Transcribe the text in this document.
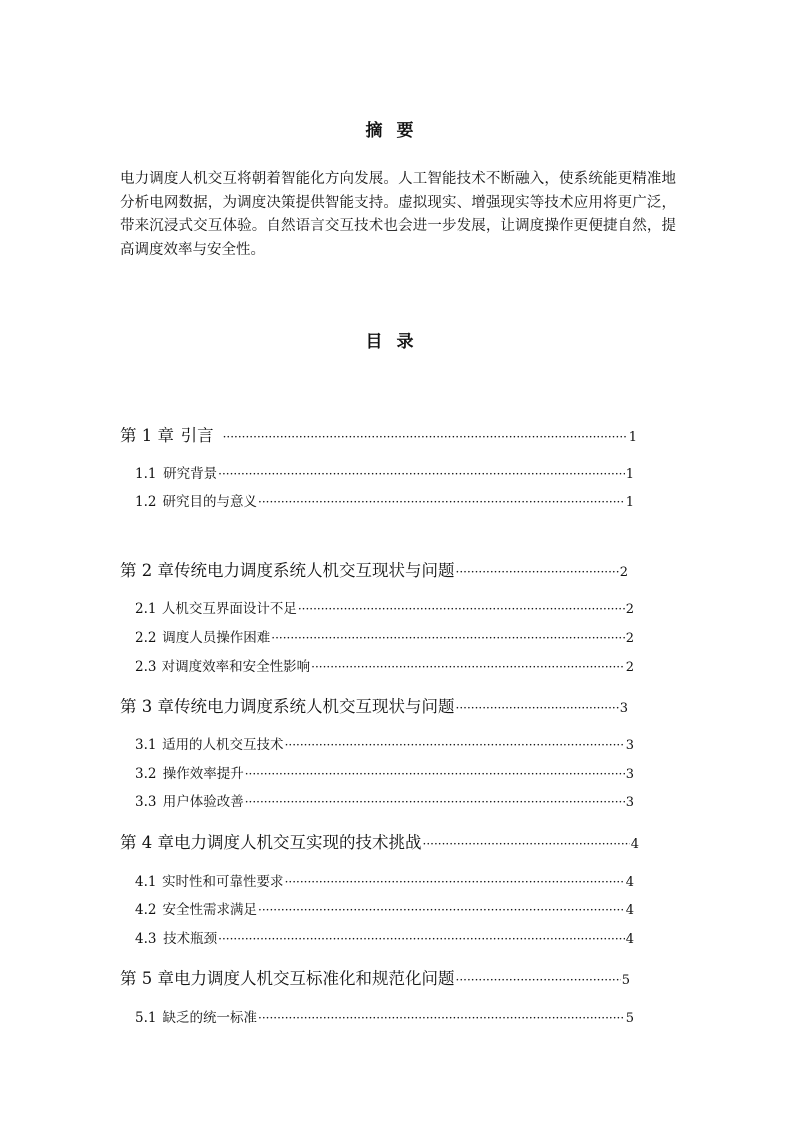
摘要

电力调度人机交互将朝着智能化方向发展。人工智能技术不断融入，使系统能更精准地分析电网数据，为调度决策提供智能支持。虚拟现实、增强现实等技术应用将更广泛，带来沉浸式交互体验。自然语言交互技术也会进一步发展，让调度操作更便捷自然，提高调度效率与安全性。

目录
第 1 章 引言 ·····	1
1.1 研究背景 ·····	1
1.2 研究目的与意义 ·····	1
第 2 章 传统电力调度系统人机交互现状与问题 ·····	2
2.1 人机交互界面设计不足 ·····	2
2.2 调度人员操作困难 ·····	2
2.3 对调度效率和安全性影响 ·····	2
第 3 章 传统电力调度系统人机交互现状与问题 ·····	3
3.1 适用的人机交互技术 ·····	3
3.2 操作效率提升 ·····	3
3.3 用户体验改善 ·····	3
第 4 章 电力调度人机交互实现的技术挑战 ·····	4
4.1 实时性和可靠性要求 ·····	4
4.2 安全性需求满足 ·····	4
4.3 技术瓶颈 ·····	4
第 5 章 电力调度人机交互标准化和规范化问题 ·····	5
5.1 缺乏的统一标准 ·····	5
